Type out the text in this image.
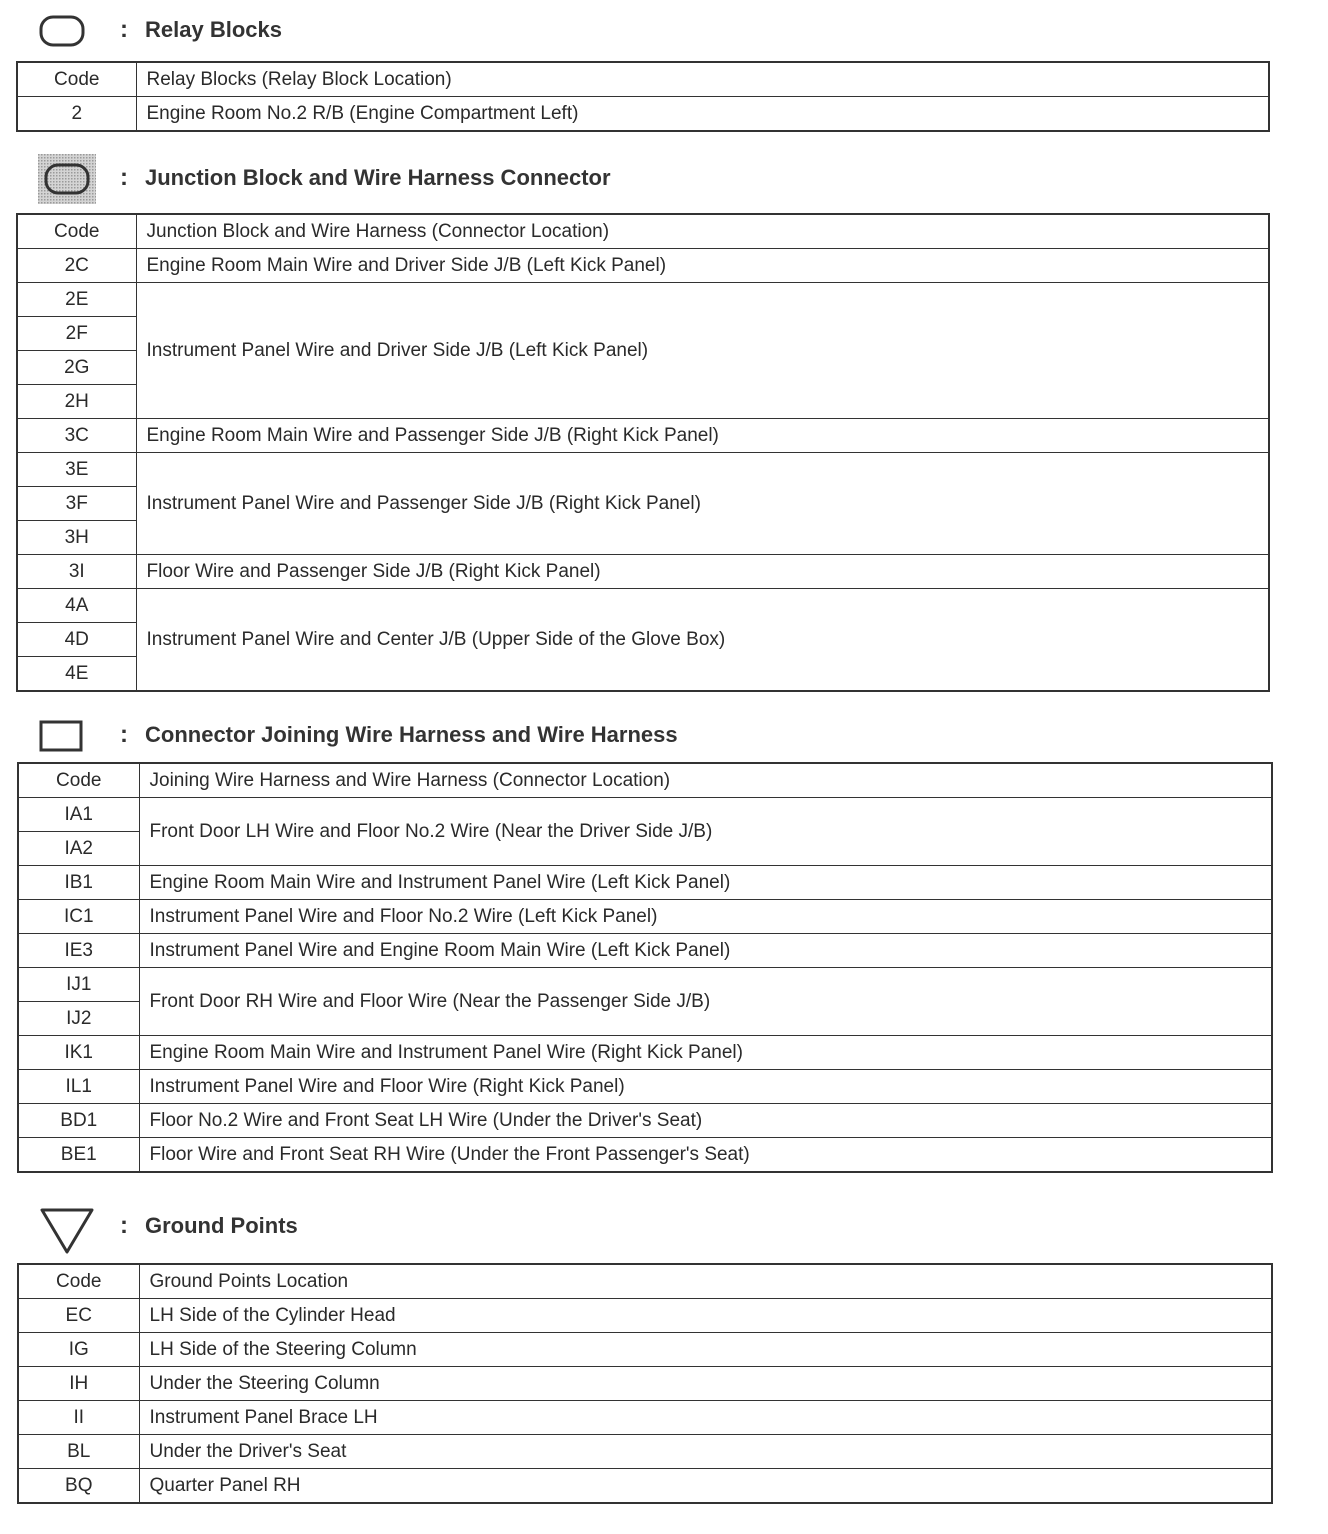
: Relay Blocks
Code	Relay Blocks (Relay Block Location)
2	Engine Room No.2 R/B (Engine Compartment Left)
: Junction Block and Wire Harness Connector
Code	Junction Block and Wire Harness (Connector Location)
2C	Engine Room Main Wire and Driver Side J/B (Left Kick Panel)
2E	Instrument Panel Wire and Driver Side J/B (Left Kick Panel)
2F	
2G	
2H	
3C	Engine Room Main Wire and Passenger Side J/B (Right Kick Panel)
3E	Instrument Panel Wire and Passenger Side J/B (Right Kick Panel)
3F	
3H	
3I	Floor Wire and Passenger Side J/B (Right Kick Panel)
4A	Instrument Panel Wire and Center J/B (Upper Side of the Glove Box)
4D	
4E	
: Connector Joining Wire Harness and Wire Harness
Code	Joining Wire Harness and Wire Harness (Connector Location)
IA1	Front Door LH Wire and Floor No.2 Wire (Near the Driver Side J/B)
IA2	
IB1	Engine Room Main Wire and Instrument Panel Wire (Left Kick Panel)
IC1	Instrument Panel Wire and Floor No.2 Wire (Left Kick Panel)
IE3	Instrument Panel Wire and Engine Room Main Wire (Left Kick Panel)
IJ1	Front Door RH Wire and Floor Wire (Near the Passenger Side J/B)
IJ2	
IK1	Engine Room Main Wire and Instrument Panel Wire (Right Kick Panel)
IL1	Instrument Panel Wire and Floor Wire (Right Kick Panel)
BD1	Floor No.2 Wire and Front Seat LH Wire (Under the Driver's Seat)
BE1	Floor Wire and Front Seat RH Wire (Under the Front Passenger's Seat)
: Ground Points
Code	Ground Points Location
EC	LH Side of the Cylinder Head
IG	LH Side of the Steering Column
IH	Under the Steering Column
II	Instrument Panel Brace LH
BL	Under the Driver's Seat
BQ	Quarter Panel RH
